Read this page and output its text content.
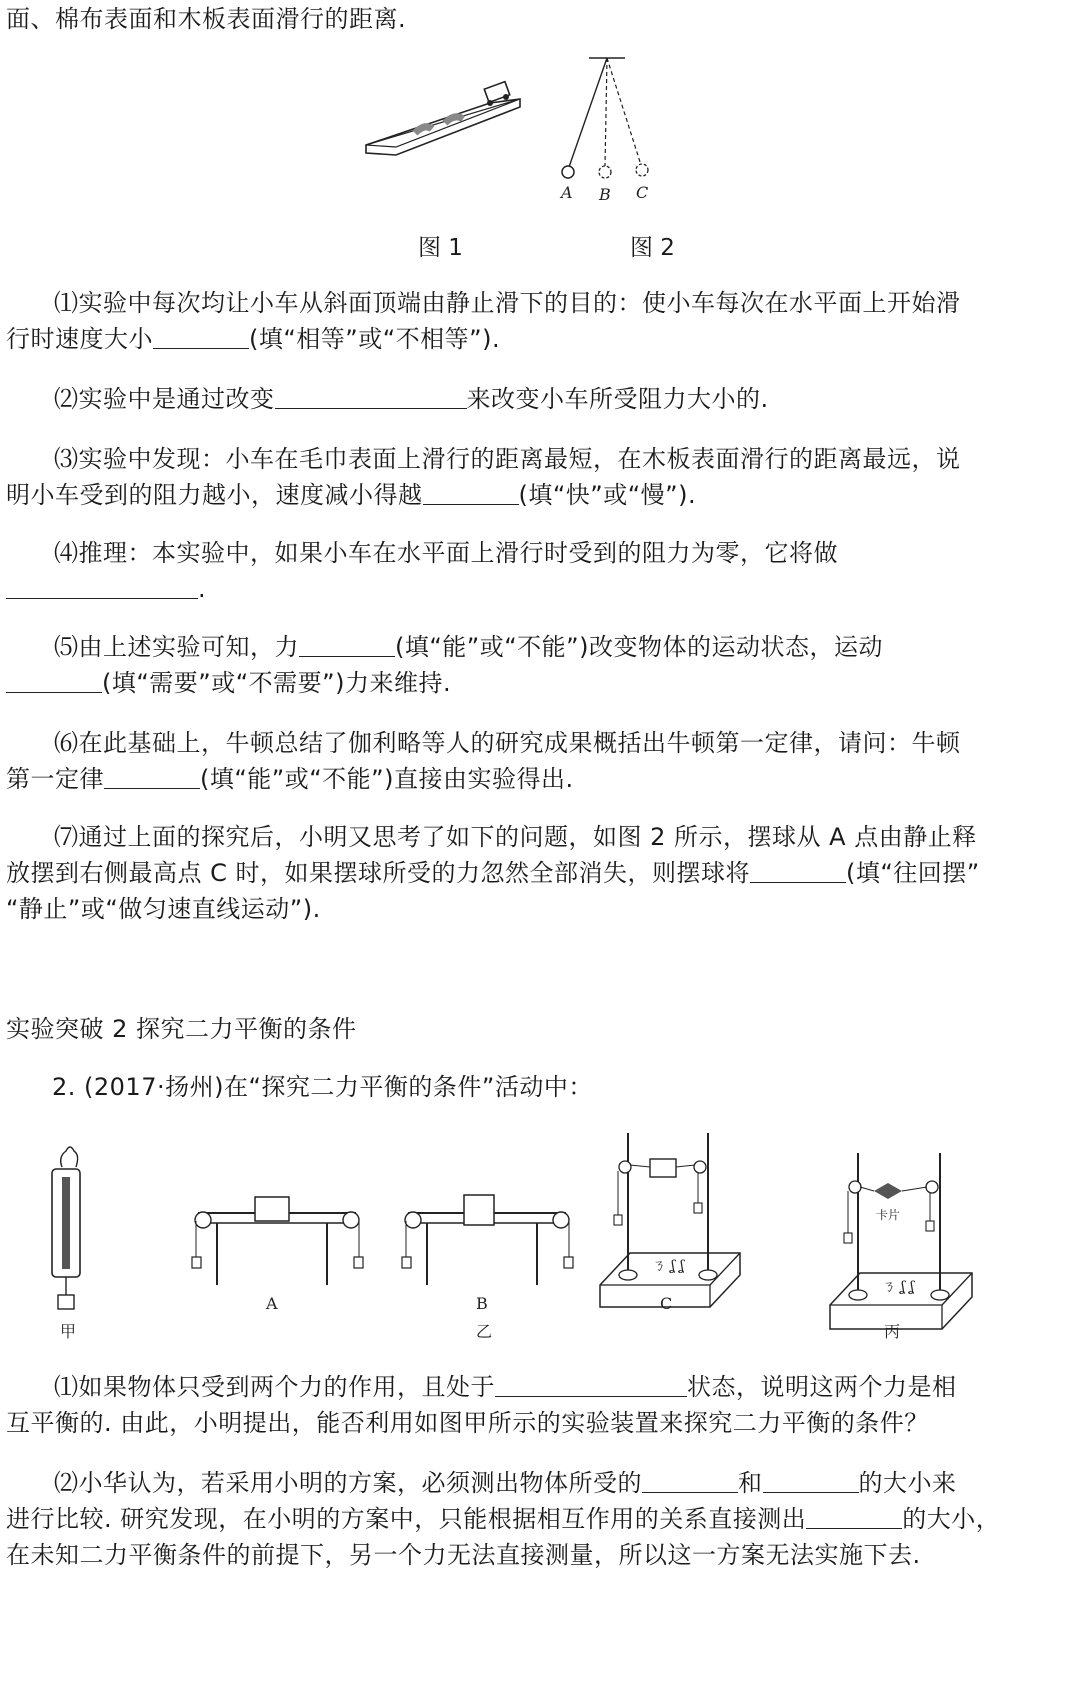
面、棉布表面和木板表面滑行的距离.
A B C
图 1	图 2
⑴实验中每次均让小车从斜面顶端由静止滑下的目的：使小车每次在水平面上开始滑
行时速度大小	(填“相等”或“不相等”).
⑵实验中是通过改变	来改变小车所受阻力大小的.
⑶实验中发现：小车在毛巾表面上滑行的距离最短，在木板表面滑行的距离最远，说
明小车受到的阻力越小，速度减小得越	(填“快”或“慢”).
⑷推理：本实验中，如果小车在水平面上滑行时受到的阻力为零，它将做
.
⑸由上述实验可知，力	(填“能”或“不能”)改变物体的运动状态，运动
(填“需要”或“不需要”)力来维持.
⑹在此基础上，牛顿总结了伽利略等人的研究成果概括出牛顿第一定律，请问：牛顿
第一定律	(填“能”或“不能”)直接由实验得出.
⑺通过上面的探究后，小明又思考了如下的问题，如图 2 所示，摆球从 A 点由静止释
放摆到右侧最高点 C 时，如果摆球所受的力忽然全部消失，则摆球将	(填“往回摆”
“静止”或“做匀速直线运动”).
实验突破 2 探究二力平衡的条件
2. (2017·扬州)在“探究二力平衡的条件”活动中：
甲
A	B
乙
ㄋ ʆ ʆ
C
卡片
ㄋ ʆ ʆ
丙
⑴如果物体只受到两个力的作用，且处于	状态，说明这两个力是相
互平衡的. 由此，小明提出，能否利用如图甲所示的实验装置来探究二力平衡的条件？
⑵小华认为，若采用小明的方案，必须测出物体所受的	和	的大小来
进行比较. 研究发现，在小明的方案中，只能根据相互作用的关系直接测出	的大小，
在未知二力平衡条件的前提下，另一个力无法直接测量，所以这一方案无法实施下去.
